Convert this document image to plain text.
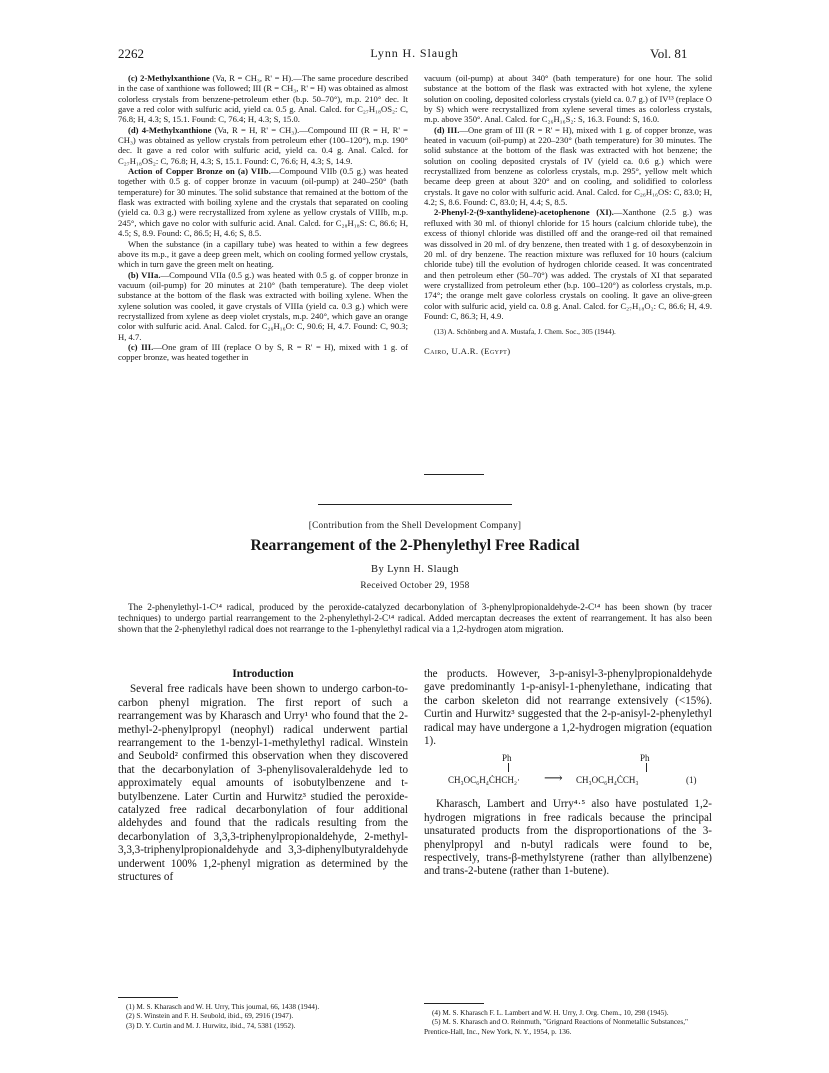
2262	Lynn H. Slaugh	Vol. 81

(c) 2-Methylxanthione (Va, R = CH₃, R' = H).—The same procedure described in the case of xanthione was followed; III (R = CH₃, R' = H) was obtained as almost colorless crystals from benzene-petroleum ether (b.p. 50–70°), m.p. 210° dec. It gave a red color with sulfuric acid, yield ca. 0.5 g. Anal. Calcd. for C₂₇H₁₈OS₂: C, 76.8; H, 4.3; S, 15.1. Found: C, 76.4; H, 4.3; S, 15.0.

(d) 4-Methylxanthione (Va, R = H, R' = CH₃).—Compound III (R = H, R' = CH₃) was obtained as yellow crystals from petroleum ether (100–120°), m.p. 190° dec. It gave a red color with sulfuric acid, yield ca. 0.4 g. Anal. Calcd. for C₂₇H₁₈OS₂: C, 76.8; H, 4.3; S, 15.1. Found: C, 76.6; H, 4.3; S, 14.9.

Action of Copper Bronze on (a) VIIb.—Compound VIIb (0.5 g.) was heated together with 0.5 g. of copper bronze in vacuum (oil-pump) at 240–250° (bath temperature) for 30 minutes. The solid substance that remained at the bottom of the flask was extracted with boiling xylene and the crystals that separated on cooling (yield ca. 0.3 g.) were recrystallized from xylene as yellow crystals of VIIIb, m.p. 245°, which gave no color with sulfuric acid. Anal. Calcd. for C₂₈H₁₈S: C, 86.6; H, 4.5; S, 8.9. Found: C, 86.5; H, 4.6; S, 8.5.

When the substance (in a capillary tube) was heated to within a few degrees above its m.p., it gave a deep green melt, which on cooling formed yellow crystals, which in turn gave the green melt on heating.

(b) VIIa.—Compound VIIa (0.5 g.) was heated with 0.5 g. of copper bronze in vacuum (oil-pump) for 20 minutes at 210° (bath temperature). The deep violet substance at the bottom of the flask was extracted with boiling xylene. When the xylene solution was cooled, it gave crystals of VIIIa (yield ca. 0.3 g.) which were recrystallized from xylene as deep violet crystals, m.p. 240°, which gave an orange color with sulfuric acid. Anal. Calcd. for C₂₆H₁₆O: C, 90.6; H, 4.7. Found: C, 90.3; H, 4.7.

(c) III.—One gram of III (replace O by S, R = R' = H), mixed with 1 g. of copper bronze, was heated together in

vacuum (oil-pump) at about 340° (bath temperature) for one hour. The solid substance at the bottom of the flask was extracted with hot xylene, the xylene solution on cooling, deposited colorless crystals (yield ca. 0.7 g.) of IV¹³ (replace O by S) which were recrystallized from xylene several times as colorless crystals, m.p. above 350°. Anal. Calcd. for C₂₆H₁₆S₂: S, 16.3. Found: S, 16.0.

(d) III.—One gram of III (R = R' = H), mixed with 1 g. of copper bronze, was heated in vacuum (oil-pump) at 220–230° (bath temperature) for 30 minutes. The solid substance at the bottom of the flask was extracted with hot benzene; the solution on cooling deposited crystals of IV (yield ca. 0.6 g.) which were recrystallized from benzene as colorless crystals, m.p. 295°, yellow melt which became deep green at about 320° and on cooling, and solidified to colorless crystals. It gave no color with sulfuric acid. Anal. Calcd. for C₂₆H₁₆OS: C, 83.0; H, 4.2; S, 8.6. Found: C, 83.0; H, 4.4; S, 8.5.

2-Phenyl-2-(9-xanthylidene)-acetophenone (XI).—Xanthone (2.5 g.) was refluxed with 30 ml. of thionyl chloride for 15 hours (calcium chloride tube), the excess of thionyl chloride was distilled off and the orange-red oil that remained was dissolved in 20 ml. of dry benzene, then treated with 1 g. of desoxybenzoin in 20 ml. of dry benzene. The reaction mixture was refluxed for 10 hours (calcium chloride tube) till the evolution of hydrogen chloride ceased. It was concentrated and then petroleum ether (50–70°) was added. The crystals of XI that separated were crystallized from petroleum ether (b.p. 100–120°) as colorless crystals, m.p. 174°; the orange melt gave colorless crystals on cooling. It gave an olive-green color with sulfuric acid, yield ca. 0.8 g. Anal. Calcd. for C₂₇H₁₈O₂: C, 86.6; H, 4.9. Found: C, 86.3; H, 4.9.

(13) A. Schönberg and A. Mustafa, J. Chem. Soc., 305 (1944).

Cairo, U.A.R. (Egypt)

[Contribution from the Shell Development Company]
Rearrangement of the 2-Phenylethyl Free Radical
By Lynn H. Slaugh
Received October 29, 1958

The 2-phenylethyl-1-C¹⁴ radical, produced by the peroxide-catalyzed decarbonylation of 3-phenylpropionaldehyde-2-C¹⁴ has been shown (by tracer techniques) to undergo partial rearrangement to the 2-phenylethyl-2-C¹⁴ radical. Added mercaptan decreases the extent of rearrangement. It has also been shown that the 2-phenylethyl radical does not rearrange to the 1-phenylethyl radical via a 1,2-hydrogen atom migration.

Introduction

Several free radicals have been shown to undergo carbon-to-carbon phenyl migration. The first report of such a rearrangement was by Kharasch and Urry¹ who found that the 2-methyl-2-phenylpropyl (neophyl) radical underwent partial rearrangement to the 1-benzyl-1-methylethyl radical. Winstein and Seubold² confirmed this observation when they discovered that the decarbonylation of 3-phenylisovaleraldehyde led to approximately equal amounts of isobutylbenzene and t-butylbenzene. Later Curtin and Hurwitz³ studied the peroxide-catalyzed free radical decarbonylation of four additional aldehydes and found that the radicals resulting from the decarbonylation of 3,3,3-triphenylpropionaldehyde, 2-methyl-3,3,3-triphenylpropionaldehyde and 3,3-diphenylbutyraldehyde underwent 100% 1,2-phenyl migration as determined by the structures of

(1) M. S. Kharasch and W. H. Urry, This journal, 66, 1438 (1944).

(2) S. Winstein and F. H. Seubold, ibid., 69, 2916 (1947).

(3) D. Y. Curtin and M. J. Hurwitz, ibid., 74, 5381 (1952).

the products. However, 3-p-anisyl-3-phenylpropionaldehyde gave predominantly 1-p-anisyl-1-phenylethane, indicating that the carbon skeleton did not rearrange extensively (<15%). Curtin and Hurwitz³ suggested that the 2-p-anisyl-2-phenylethyl radical may have undergone a 1,2-hydrogen migration (equation 1).

Ph	Ph
CH₃OC₆H₄ĊHCH₂· ⟶ CH₃OC₆H₄ĊCH₃	(1)

Kharasch, Lambert and Urry⁴·⁵ also have postulated 1,2-hydrogen migrations in free radicals because the principal unsaturated products from the disproportionations of the 3-phenylpropyl and n-butyl radicals were found to be, respectively, trans-β-methylstyrene (rather than allylbenzene) and trans-2-butene (rather than 1-butene).

(4) M. S. Kharasch F. L. Lambert and W. H. Urry, J. Org. Chem., 10, 298 (1945).

(5) M. S. Kharasch and O. Reinmuth, "Grignard Reactions of Nonmetallic Substances," Prentice-Hall, Inc., New York, N. Y., 1954, p. 136.
